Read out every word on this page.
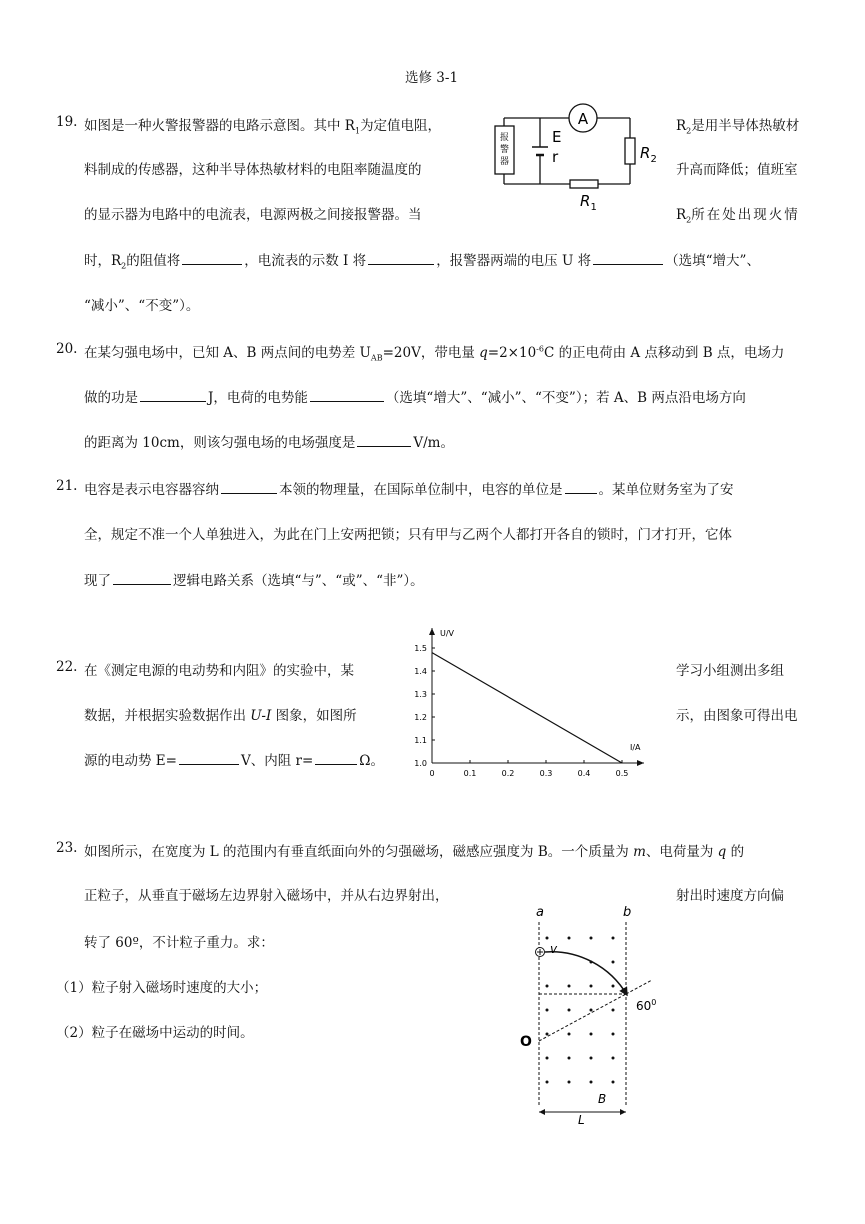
选修 3-1
19. 如图是一种火警报警器的电路示意图。其中 $R_1$为定值电阻，	$R_2$是用半导体热敏材
料制成的传感器，这种半导体热敏材料的电阻率随温度的	升高而降低；值班室
的显示器为电路中的电流表，电源两极之间接报警器。当	$R_2$所在处出现火情
时，$R_2$的阻值将	，电流表的示数 I 将	，报警器两端的电压 U 将	（选填“增大”、
“减小”、“不变”）。
报
警
器
E
r
A
$R_2$
$R_1$
20. 在某匀强电场中，已知 A、B 两点间的电势差 $U_{AB}=20V$，带电量 $q=2\times 10^{-6}C$ 的正电荷由 A 点移动到 B 点，电场力
做的功是	J，电荷的电势能	（选填“增大”、“减小”、“不变”）；若 A、B 两点沿电场方向
的距离为 10cm，则该匀强电场的电场强度是	V/m。
21. 电容是表示电容器容纳	本领的物理量，在国际单位制中，电容的单位是	。某单位财务室为了安
全，规定不准一个人单独进入，为此在门上安两把锁；只有甲与乙两个人都打开各自的锁时，门才打开，它体
现了	逻辑电路关系（选填“与”、“或”、“非”）。
22. 在《测定电源的电动势和内阻》的实验中，某	学习小组测出多组
数据，并根据实验数据作出 U-I 图象，如图所	示，由图象可得出电
源的电动势 E=	V、内阻 r=	Ω。
U/V
I/A
0	0.1	0.2	0.3	0.4	0.5
1.0
1.1
1.2
1.3
1.4
1.5
23. 如图所示，在宽度为 L 的范围内有垂直纸面向外的匀强磁场，磁感应强度为 B。一个质量为 m、电荷量为 q 的
正粒子，从垂直于磁场左边界射入磁场中，并从右边界射出，	射出时速度方向偏
转了 60º，不计粒子重力。求：
（1）粒子射入磁场时速度的大小；
（2）粒子在磁场中运动的时间。
a	b
v
$60^0$
O
B
L
